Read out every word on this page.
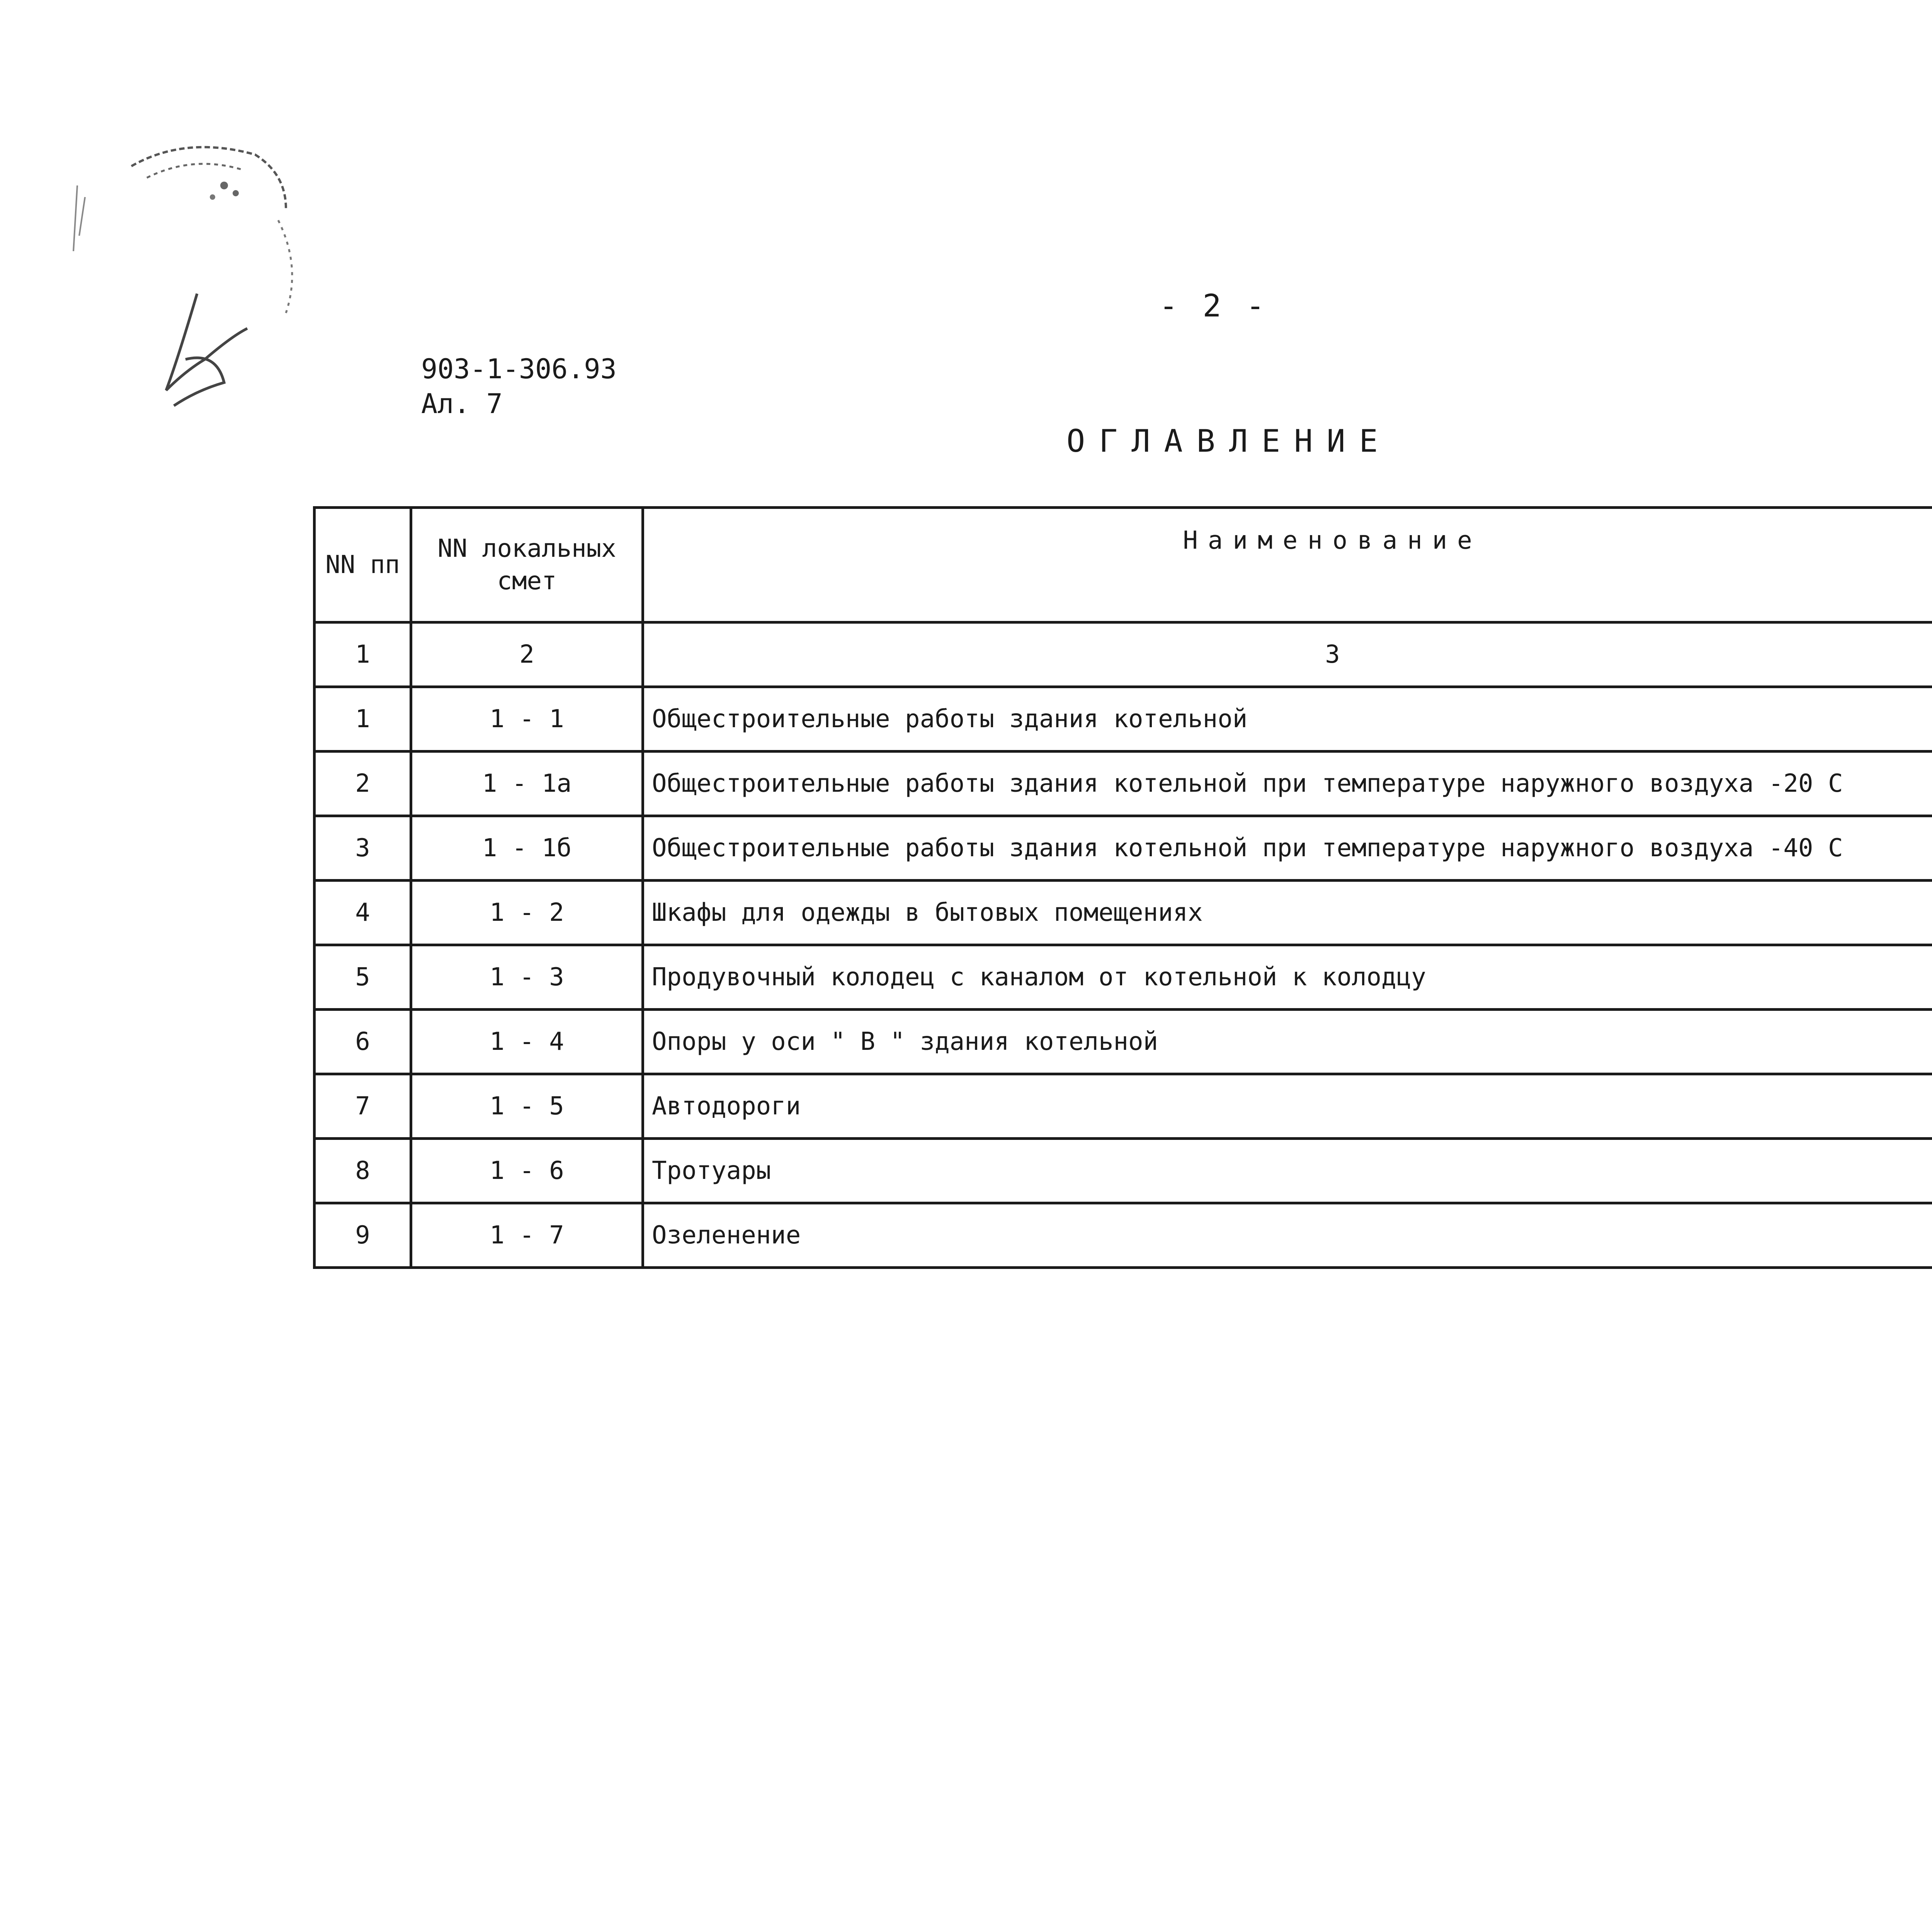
- 2 -
903-1-306.93
Ал. 7
ОГЛАВЛЕНИЕ
NN пп	NN локальных смет	Наименование	
1	2	3	
1	1 - 1	Общестроительные работы здания котельной	
2	1 - 1а	Общестроительные работы здания котельной при температуре наружного воздуха -20 С	
3	1 - 1б	Общестроительные работы здания котельной при температуре наружного воздуха -40 С	
4	1 - 2	Шкафы для одежды в бытовых помещениях	
5	1 - 3	Продувочный колодец с каналом от котельной к колодцу	
6	1 - 4	Опоры у оси " В " здания котельной	
7	1 - 5	Автодороги	
8	1 - 6	Тротуары	
9	1 - 7	Озеленение	
